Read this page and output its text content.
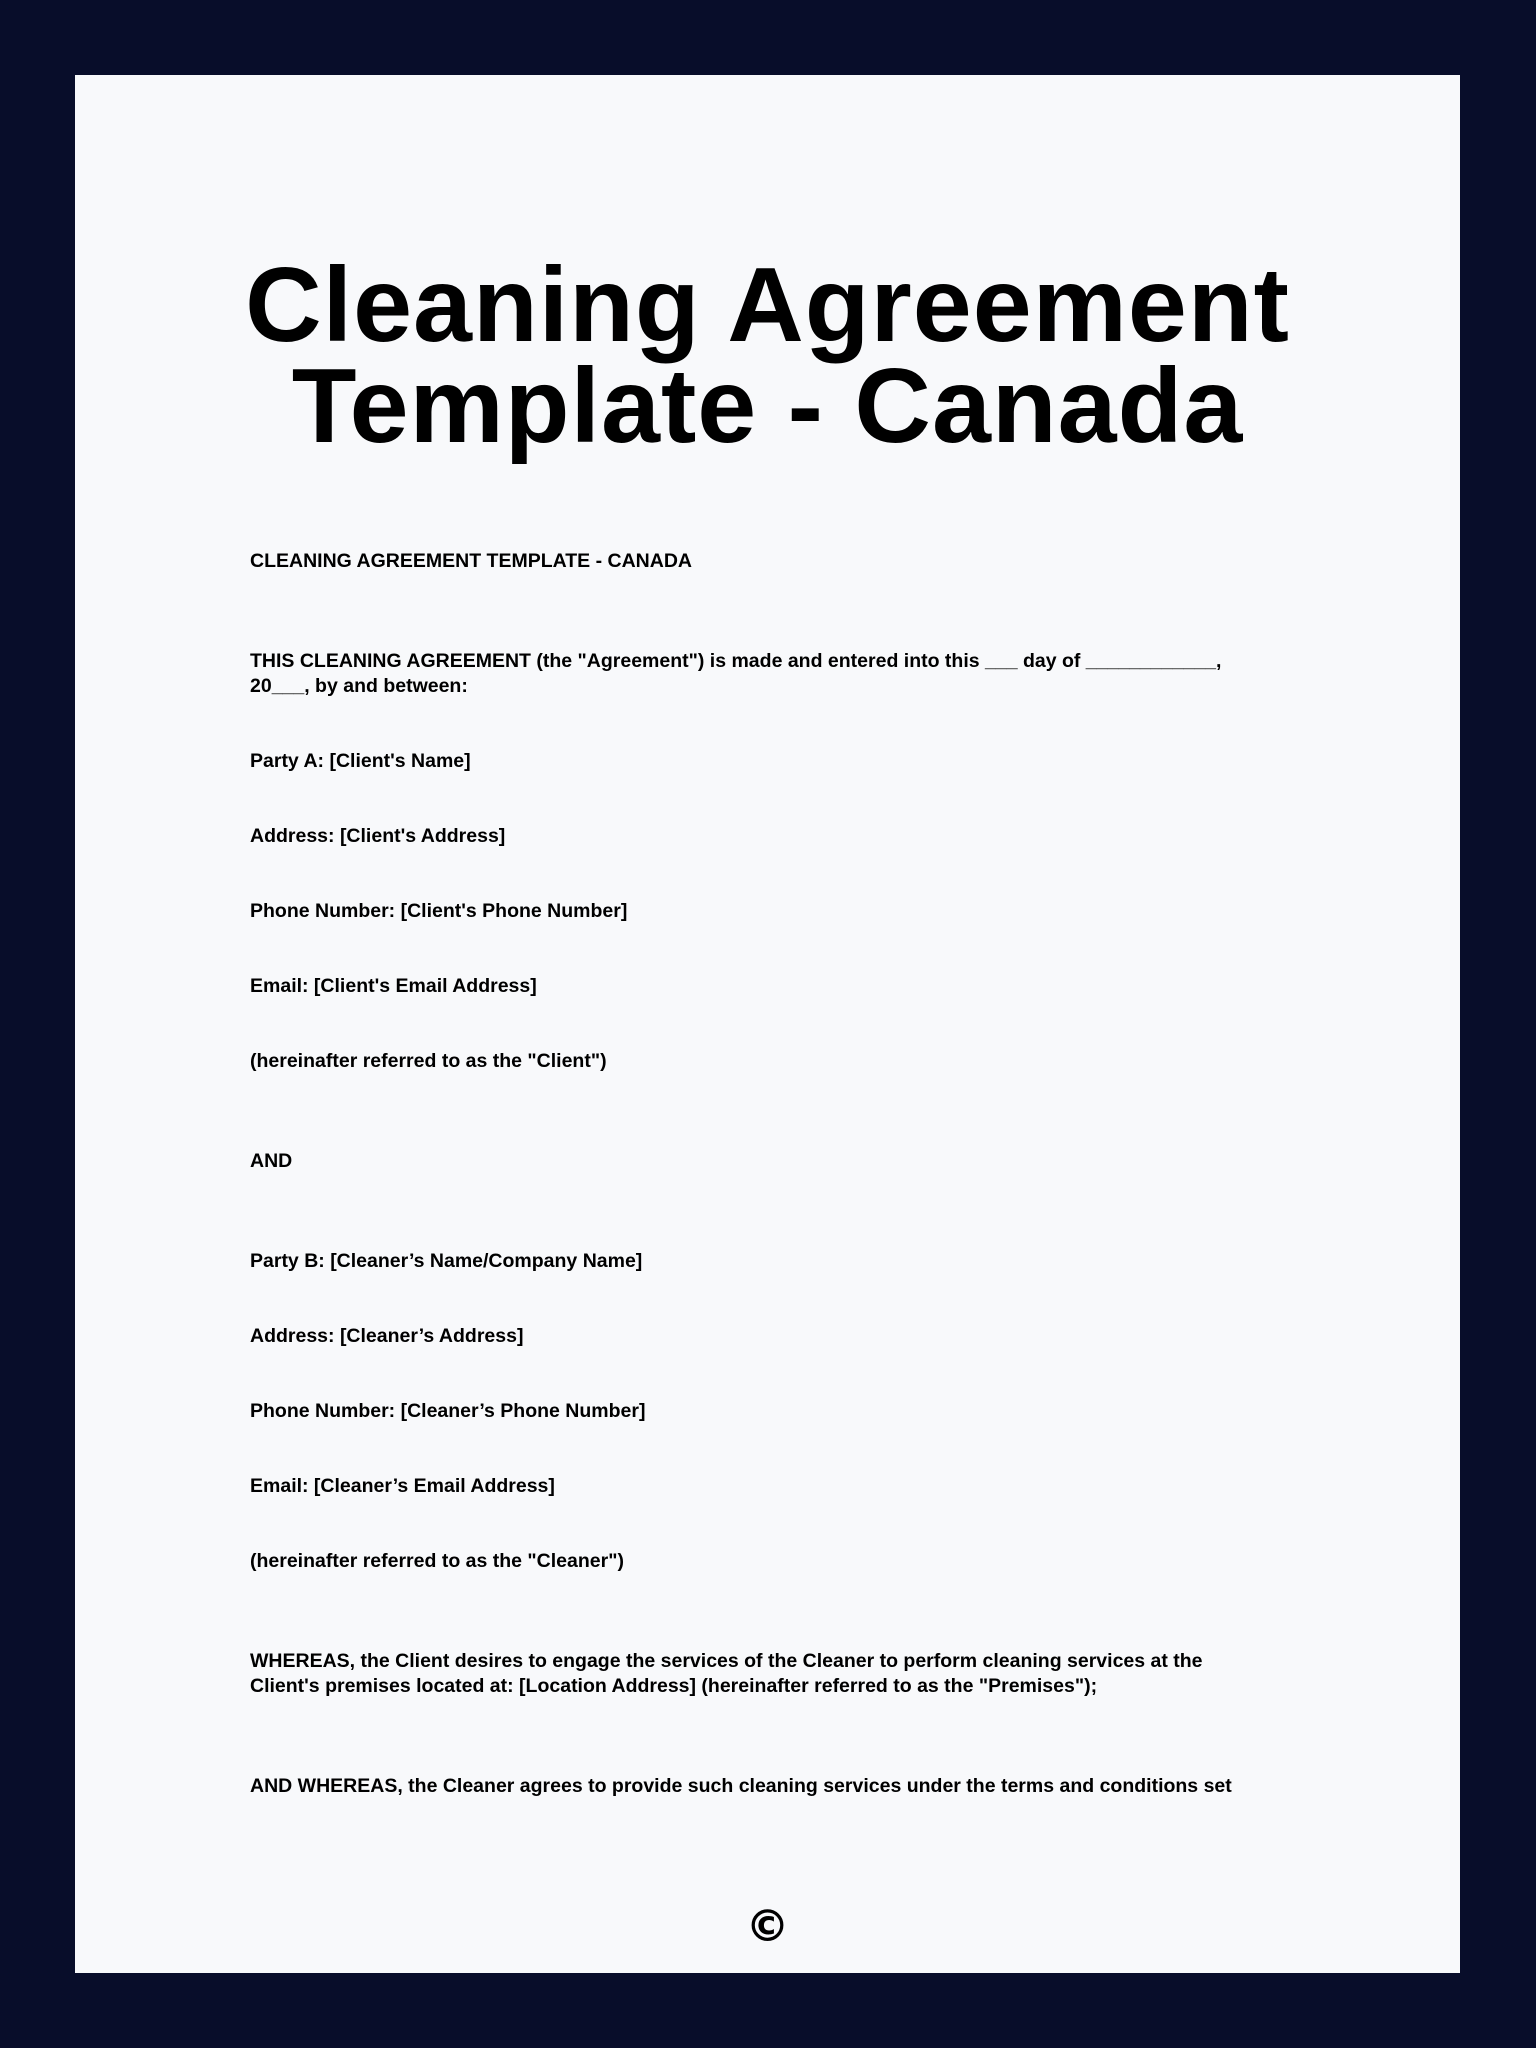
Cleaning Agreement
Template - Canada

CLEANING AGREEMENT TEMPLATE - CANADA

THIS CLEANING AGREEMENT (the "Agreement") is made and entered into this ___ day of ____________,
20___, by and between:

Party A: [Client's Name]

Address: [Client's Address]

Phone Number: [Client's Phone Number]

Email: [Client's Email Address]

(hereinafter referred to as the "Client")

AND

Party B: [Cleaner’s Name/Company Name]

Address: [Cleaner’s Address]

Phone Number: [Cleaner’s Phone Number]

Email: [Cleaner’s Email Address]

(hereinafter referred to as the "Cleaner")

WHEREAS, the Client desires to engage the services of the Cleaner to perform cleaning services at the
Client's premises located at: [Location Address] (hereinafter referred to as the "Premises");

AND WHEREAS, the Cleaner agrees to provide such cleaning services under the terms and conditions set

©
